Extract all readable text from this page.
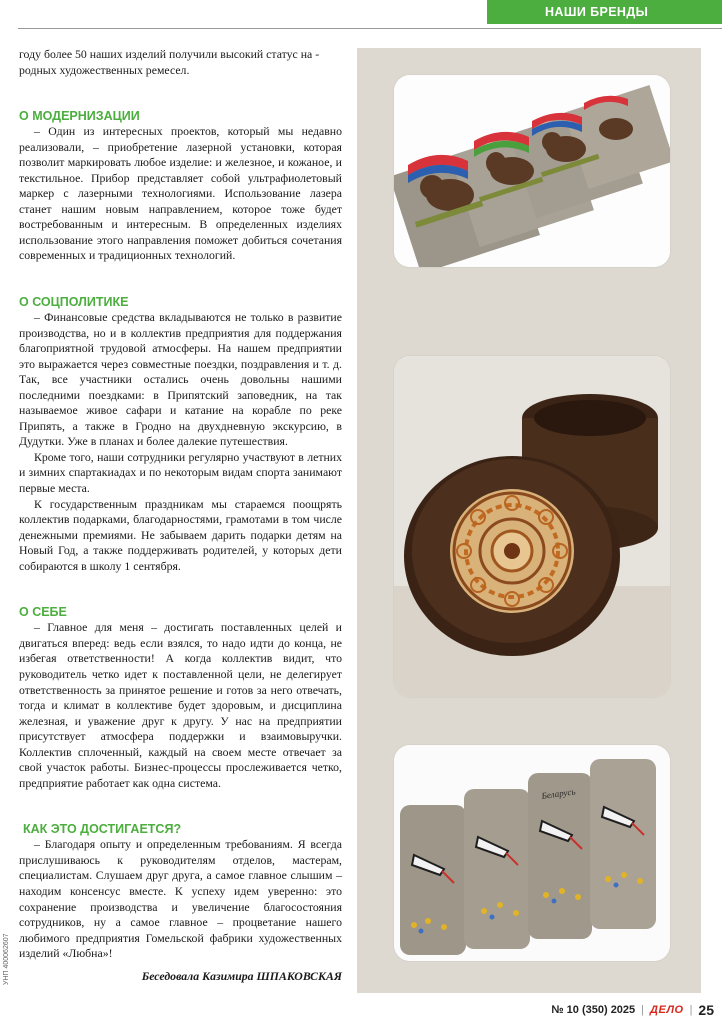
НАШИ БРЕНДЫ

году более 50 наших изделий получили высокий статус на -

родных художественных ремесел.

О МОДЕРНИЗАЦИИ

– Один из интересных проектов, который мы недавно реализовали, – приобретение лазерной установки, которая позволит маркировать любое изделие: и железное, и кожаное, и текстильное. Прибор представляет собой ультрафиолетовый маркер с лазерными технологиями. Использование лазера станет нашим новым направлением, которое тоже будет востребованным и интересным. В определенных изделиях использование этого направления поможет добиться сочетания современных и традиционных технологий.

О СОЦПОЛИТИКЕ

– Финансовые средства вкладываются не только в развитие производства, но и в коллектив предприятия для поддержания благоприятной трудовой атмосферы. На нашем предприятии это выражается через совместные поездки, поздравления и т. д. Так, все участники остались очень довольны нашими последними поездками: в Припятский заповедник, на так называемое живое сафари и катание на корабле по реке Припять, а также в Гродно на двухдневную экскурсию, в Дудутки. Уже в планах и более далекие путешествия.

Кроме того, наши сотрудники регулярно участвуют в летних и зимних спартакиадах и по некоторым видам спорта занимают первые места.

К государственным праздникам мы стараемся поощрять коллектив подарками, благодарностями, грамотами в том числе денежными премиями. Не забываем дарить подарки детям на Новый Год, а также поддерживать родителей, у которых дети собираются в школу 1 сентября.

О СЕБЕ

– Главное для меня – достигать поставленных целей и двигаться вперед: ведь если взялся, то надо идти до конца, не избегая ответственности! А когда коллектив видит, что руководитель четко идет к поставленной цели, не делегирует ответственность за принятое решение и готов за него отвечать, тогда и климат в коллективе будет здоровым, и дисциплина железная, и уважение друг к другу. У нас на предприятии присутствует атмосфера поддержки и взаимовыручки. Коллектив сплоченный, каждый на своем месте отвечает за свой участок работы. Бизнес-процессы прослеживается четко, предприятие работает как одна система.

КАК ЭТО ДОСТИГАЕТСЯ?

– Благодаря опыту и определенным требованиям. Я всегда прислушиваюсь к руководителям отделов, мастерам, специалистам. Слушаем друг друга, а самое главное слышим – находим консенсус вместе. К успеху идем уверенно: это сохранение производства и увеличение благосостояния сотрудников, ну а самое главное – процветание нашего любимого предприятия Гомельской фабрики художественных изделий «Любна»!

Беседовала Казимира ШПАКОВСКАЯ
УНП 400062607
Беларусь
№ 10 (350) 2025 | ДЕЛО | 25
